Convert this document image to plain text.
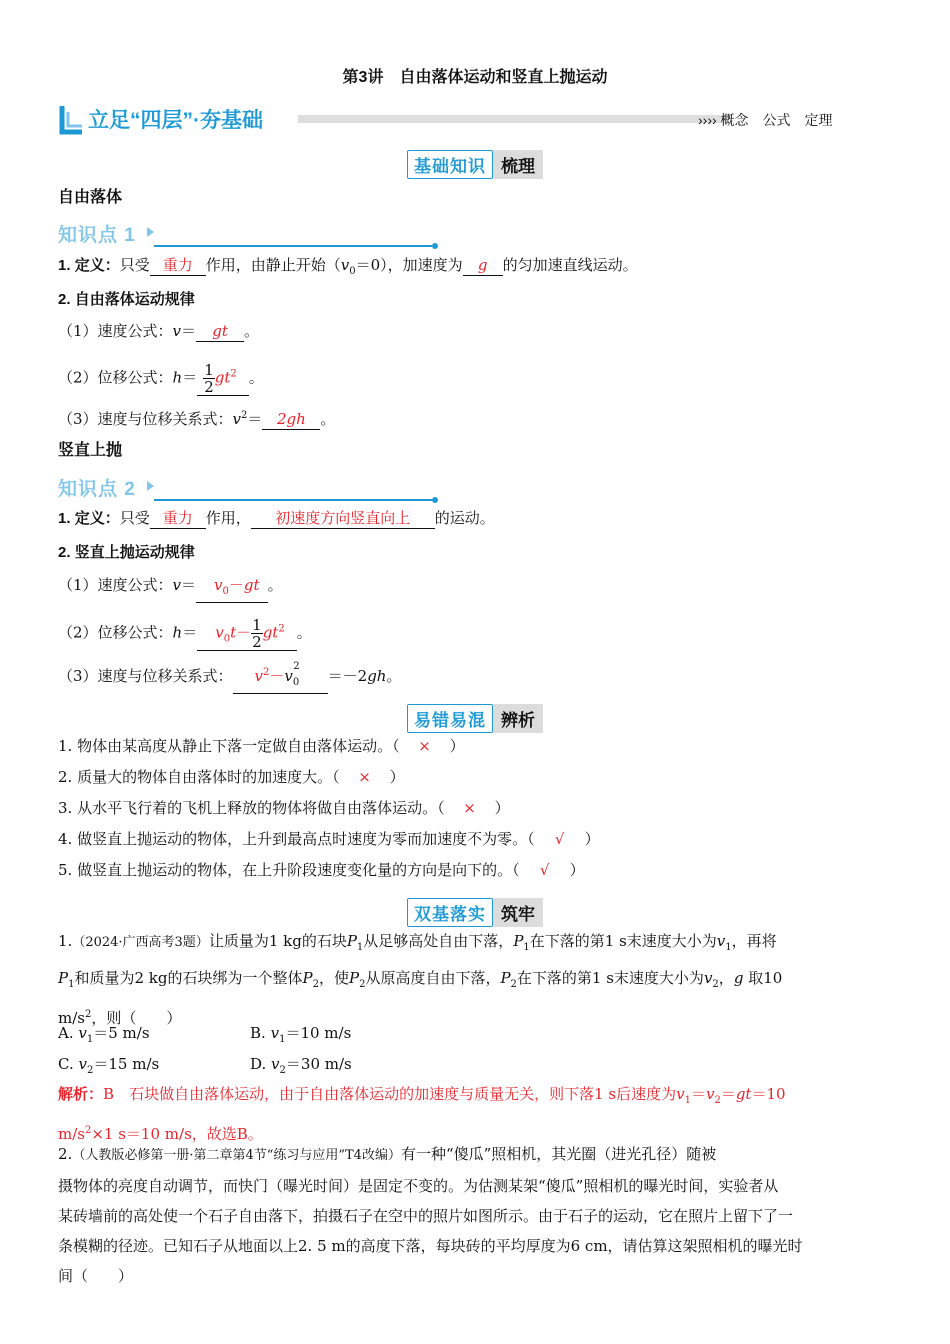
第3讲　自由落体运动和竖直上抛运动
立足“四层”·夯基础	›››› 概念　公式　定理
基础知识 梳理
自由落体
知识点 1
1. 定义：只受 重力 作用，由静止开始$(v_0=0)$，加速度为 g 的匀加速直线运动。
2. 自由落体运动规律
（1）速度公式：v＝ gt 。
（2）位移公式：$h= \frac{1}{2} gt^2$ 。
（3）速度与位移关系式：$v^2= 2gh$ 。
竖直上抛
知识点 2
1. 定义：只受 重力 作用， 初速度方向竖直向上 的运动。
2. 竖直上抛运动规律
（1）速度公式：$v= v_0-gt$ 。
（2）位移公式：$h= v_0t- \frac{1}{2} gt^2$ 。
（3）速度与位移关系式： $v^2-v_0^2=-2gh$。
易错易混 辨析
1. 物体由某高度从静止下落一定做自由落体运动。（ × ）
2. 质量大的物体自由落体时的加速度大。（ × ）
3. 从水平飞行着的飞机上释放的物体将做自由落体运动。（ × ）
4. 做竖直上抛运动的物体，上升到最高点时速度为零而加速度不为零。（ √ ）
5. 做竖直上抛运动的物体，在上升阶段速度变化量的方向是向下的。（ √ ）
双基落实 筑牢
1.（2024·广西高考3题）让质量为1 kg的石块$P_1$从足够高处自由下落，$P_1$在下落的第1 s末速度大小为$v_1$，再将
$P_1$和质量为2 kg的石块绑为一个整体$P_2$，使$P_2$从原高度自由下落，$P_2$在下落的第1 s末速度大小为$v_2$，g 取10
$m/s^2$，则（　　）
A. $v_1=5$ m/s	B. $v_1=10$ m/s
C. $v_2=15$ m/s	D. $v_2=30$ m/s
解析：B　 石块做自由落体运动，由于自由落体运动的加速度与质量无关，则下落1 s后速度为$v_1=v_2=gt=10$
$m/s^2\times 1$ s＝10 m/s，故选B。
2.（人教版必修第一册·第二章第4节“练习与应用”T4改编）有一种“傻瓜”照相机，其光圈（进光孔径）随被
摄物体的亮度自动调节，而快门（曝光时间）是固定不变的。为估测某架“傻瓜”照相机的曝光时间，实验者从
某砖墙前的高处使一个石子自由落下，拍摄石子在空中的照片如图所示。由于石子的运动，它在照片上留下了一
条模糊的径迹。已知石子从地面以上2. 5 m的高度下落，每块砖的平均厚度为6 cm，请估算这架照相机的曝光时
间（　　）
